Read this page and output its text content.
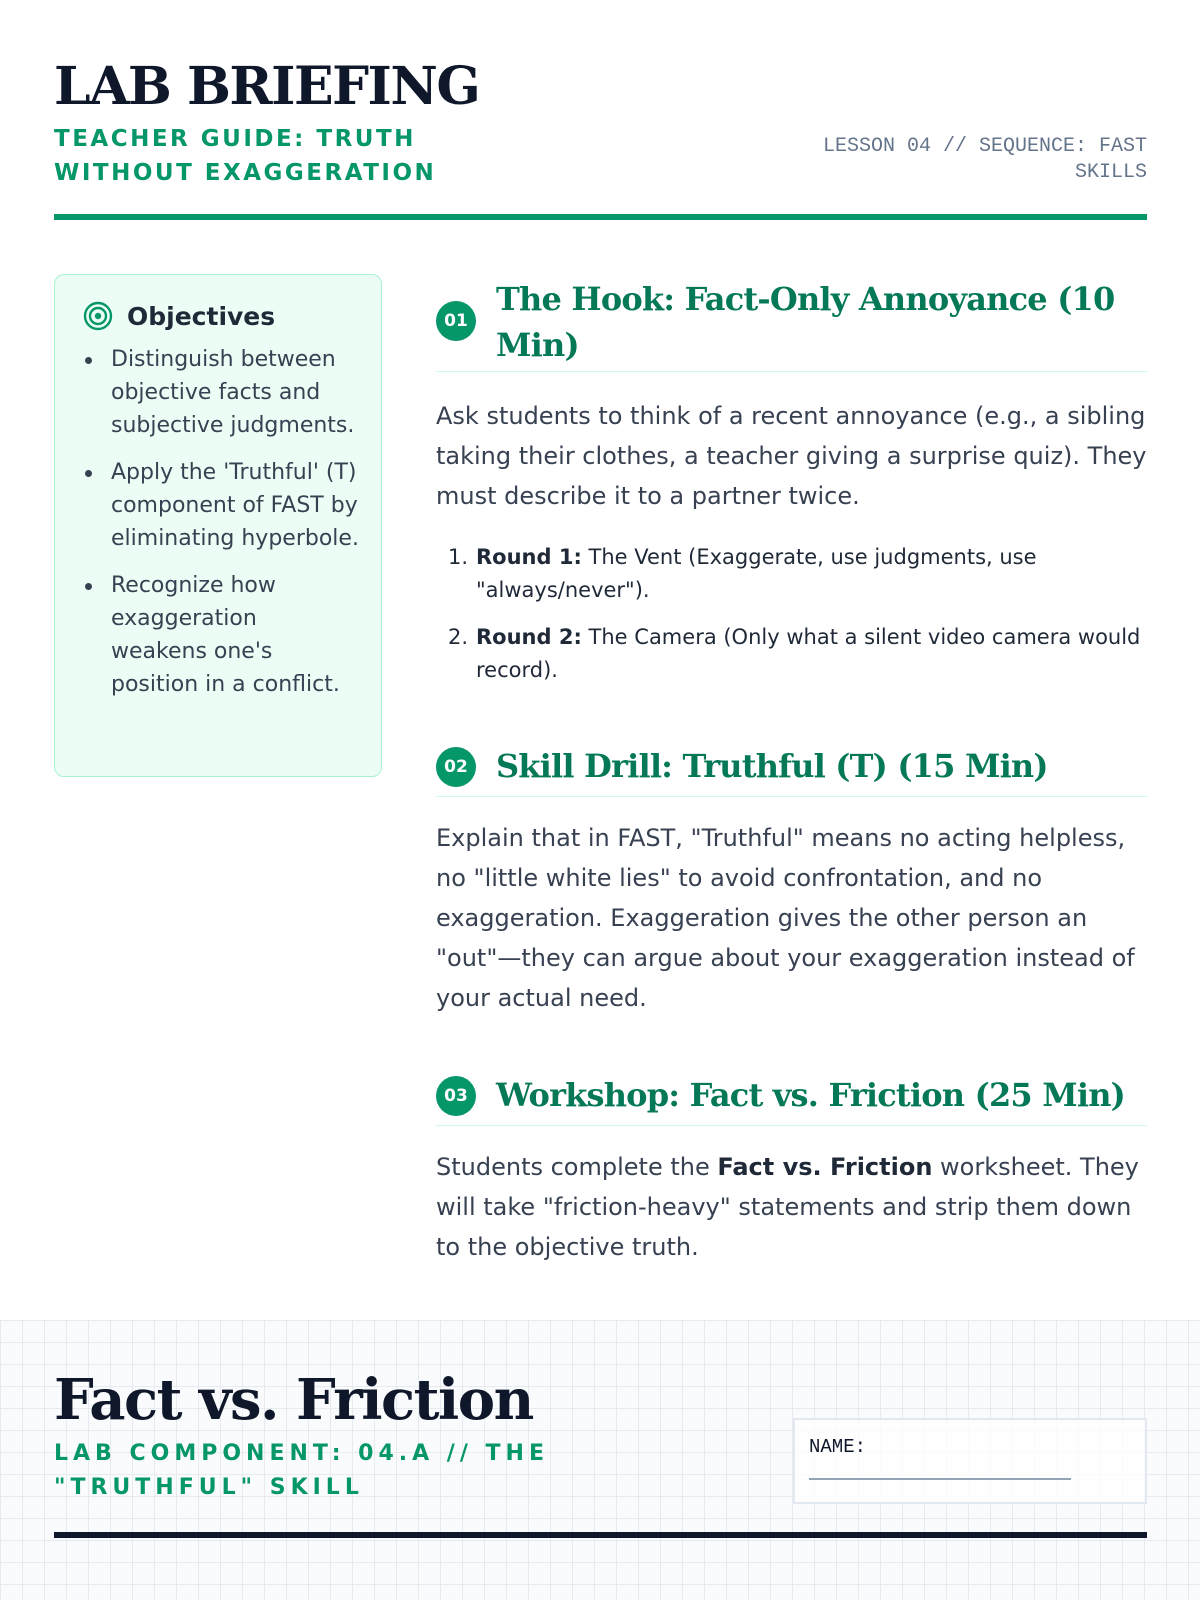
LAB BRIEFING
TEACHER GUIDE: TRUTH WITHOUT EXAGGERATION
LESSON 04 // SEQUENCE: FAST SKILLS
Objectives
Distinguish between objective facts and subjective judgments.
Apply the 'Truthful' (T) component of FAST by eliminating hyperbole.
Recognize how exaggeration weakens one's position in a conflict.
01
The Hook: Fact-Only Annoyance (10 Min)

Ask students to think of a recent annoyance (e.g., a sibling taking their clothes, a teacher giving a surprise quiz). They must describe it to a partner twice.

1. Round 1: The Vent (Exaggerate, use judgments, use "always/never").
2. Round 2: The Camera (Only what a silent video camera would record).
02 Skill Drill: Truthful (T) (15 Min)

Explain that in FAST, "Truthful" means no acting helpless, no "little white lies" to avoid confrontation, and no exaggeration. Exaggeration gives the other person an "out"—they can argue about your exaggeration instead of your actual need.

03 Workshop: Fact vs. Friction (25 Min)

Students complete the Fact vs. Friction worksheet. They will take "friction-heavy" statements and strip them down to the objective truth.

Fact vs. Friction
LAB COMPONENT: 04.A // THE "TRUTHFUL" SKILL
NAME:
